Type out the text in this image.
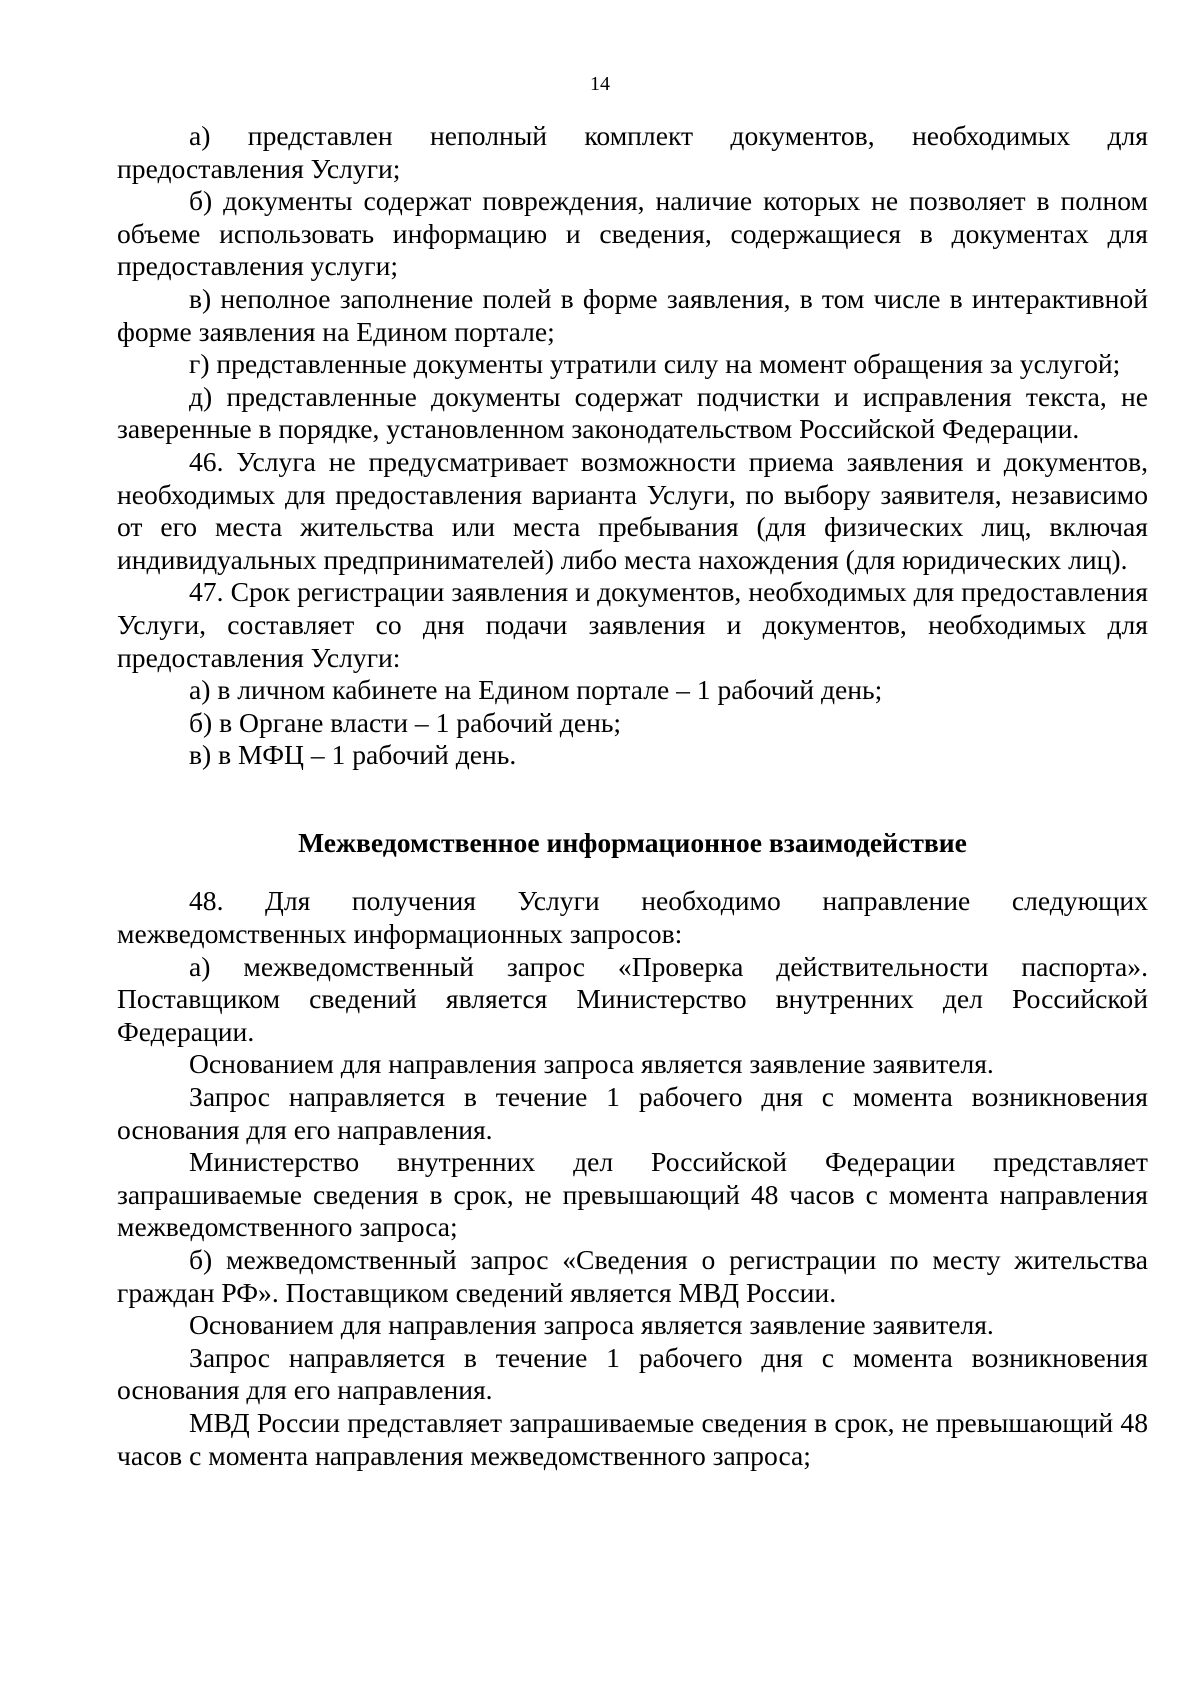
14

а) представлен неполный комплект документов, необходимых для предоставления Услуги;

б) документы содержат повреждения, наличие которых не позволяет в полном объеме использовать информацию и сведения, содержащиеся в документах для предоставления услуги;

в) неполное заполнение полей в форме заявления, в том числе в интерактивной форме заявления на Едином портале;

г) представленные документы утратили силу на момент обращения за услугой;

д) представленные документы содержат подчистки и исправления текста, не заверенные в порядке, установленном законодательством Российской Федерации.

46. Услуга не предусматривает возможности приема заявления и документов, необходимых для предоставления варианта Услуги, по выбору заявителя, независимо от его места жительства или места пребывания (для физических лиц, включая индивидуальных предпринимателей) либо места нахождения (для юридических лиц).

47. Срок регистрации заявления и документов, необходимых для предоставления Услуги, составляет со дня подачи заявления и документов, необходимых для предоставления Услуги:

а) в личном кабинете на Едином портале – 1 рабочий день;

б) в Органе власти – 1 рабочий день;

в) в МФЦ – 1 рабочий день.

Межведомственное информационное взаимодействие

48. Для получения Услуги необходимо направление следующих межведомственных информационных запросов:

а) межведомственный запрос «Проверка действительности паспорта». Поставщиком сведений является Министерство внутренних дел Российской Федерации.

Основанием для направления запроса является заявление заявителя.

Запрос направляется в течение 1 рабочего дня с момента возникновения основания для его направления.

Министерство внутренних дел Российской Федерации представляет запрашиваемые сведения в срок, не превышающий 48 часов с момента направления межведомственного запроса;

б) межведомственный запрос «Сведения о регистрации по месту жительства граждан РФ». Поставщиком сведений является МВД России.

Основанием для направления запроса является заявление заявителя.

Запрос направляется в течение 1 рабочего дня с момента возникновения основания для его направления.

МВД России представляет запрашиваемые сведения в срок, не превышающий 48 часов с момента направления межведомственного запроса;
